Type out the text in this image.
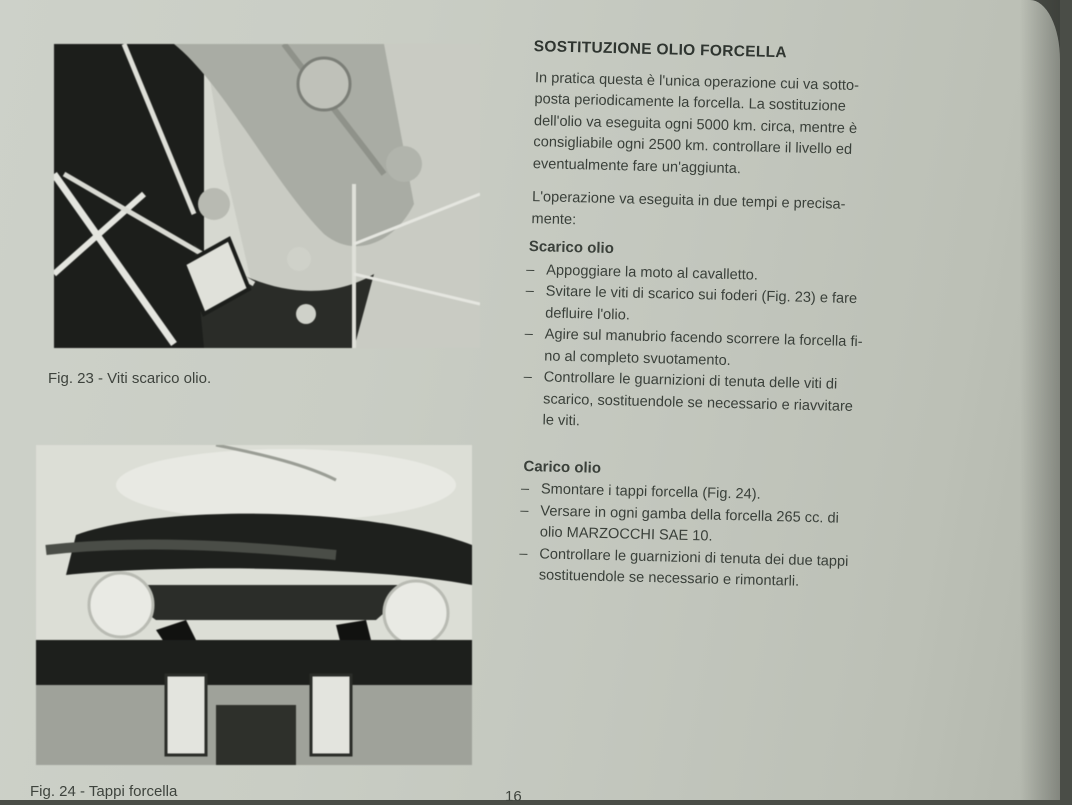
Fig. 23 - Viti scarico olio.
Fig. 24 - Tappi forcella
SOSTITUZIONE OLIO FORCELLA
In pratica questa è l'unica operazione cui va sotto-
posta periodicamente la forcella. La sostituzione
dell'olio va eseguita ogni 5000 km. circa, mentre è
consigliabile ogni 2500 km. controllare il livello ed
eventualmente fare un'aggiunta.
L'operazione va eseguita in due tempi e precisa-
mente:
Scarico olio
– Appoggiare la moto al cavalletto.
– Svitare le viti di scarico sui foderi (Fig. 23) e fare
defluire l'olio.
– Agire sul manubrio facendo scorrere la forcella fi-
no al completo svuotamento.
– Controllare le guarnizioni di tenuta delle viti di
scarico, sostituendole se necessario e riavvitare
le viti.
Carico olio
– Smontare i tappi forcella (Fig. 24).
– Versare in ogni gamba della forcella 265 cc. di
olio MARZOCCHI SAE 10.
– Controllare le guarnizioni di tenuta dei due tappi
sostituendole se necessario e rimontarli.
16
